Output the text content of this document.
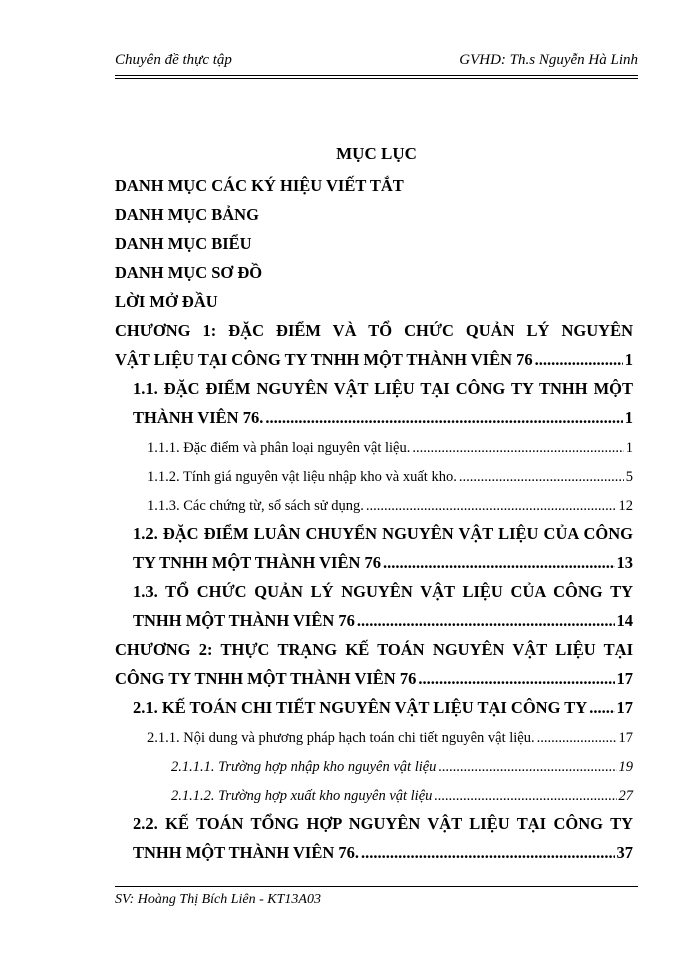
Chuyên đề thực tập	GVHD: Th.s Nguyễn Hà Linh
MỤC LỤC
DANH MỤC CÁC KÝ HIỆU VIẾT TẮT
DANH MỤC BẢNG
DANH MỤC BIỂU
DANH MỤC SƠ ĐỒ
LỜI MỞ ĐẦU
CHƯƠNG 1: ĐẶC ĐIỂM VÀ TỔ CHỨC QUẢN LÝ NGUYÊN
VẬT LIỆU TẠI CÔNG TY TNHH MỘT THÀNH VIÊN 76 .....	1
1.1. ĐẶC ĐIỂM NGUYÊN VẬT LIỆU TẠI CÔNG TY TNHH MỘT
THÀNH VIÊN 76. .....	1
1.1.1. Đặc điểm và phân loại nguyên vật liệu. .....	1
1.1.2. Tính giá nguyên vật liệu nhập kho và xuất kho. .....	5
1.1.3. Các chứng từ, sổ sách sử dụng. .....	12
1.2. ĐẶC ĐIỂM LUÂN CHUYỂN NGUYÊN VẬT LIỆU CỦA CÔNG
TY TNHH MỘT THÀNH VIÊN 76 .....	13
1.3. TỔ CHỨC QUẢN LÝ NGUYÊN VẬT LIỆU CỦA CÔNG TY
TNHH MỘT THÀNH VIÊN 76 .....	14
CHƯƠNG 2: THỰC TRẠNG KẾ TOÁN NGUYÊN VẬT LIỆU TẠI
CÔNG TY TNHH MỘT THÀNH VIÊN 76 .....	17
2.1. KẾ TOÁN CHI TIẾT NGUYÊN VẬT LIỆU TẠI CÔNG TY ..... 17
2.1.1. Nội dung và phương pháp hạch toán chi tiết nguyên vật liệu. .....	17
2.1.1.1. Trường hợp nhập kho nguyên vật liệu .....	19
2.1.1.2. Trường hợp xuất kho nguyên vật liệu .....	27
2.2. KẾ TOÁN TỔNG HỢP NGUYÊN VẬT LIỆU TẠI CÔNG TY
TNHH MỘT THÀNH VIÊN 76. .....	37
SV: Hoàng Thị Bích Liên - KT13A03
